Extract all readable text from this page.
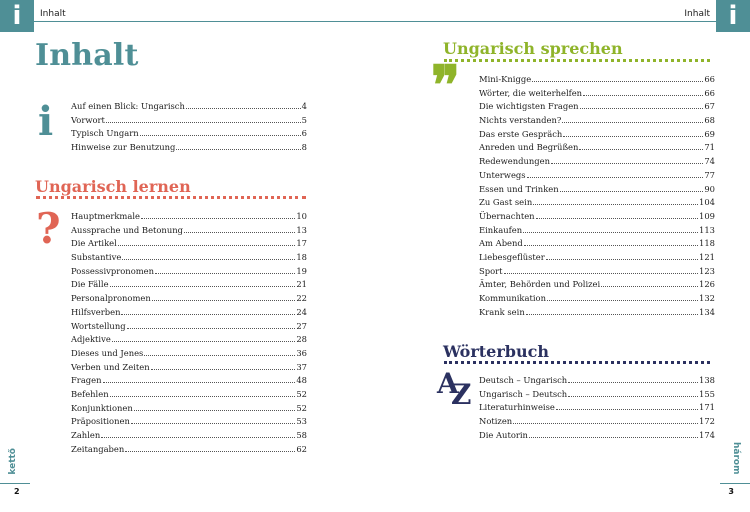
i	Inhalt
Inhalt
i Auf einen Blick: Ungarisch	4
Vorwort	5
Typisch Ungarn	6
Hinweise zur Benutzung	8
Ungarisch lernen
? Hauptmerkmale	10
Aussprache und Betonung	13
Die Artikel	17
Substantive	18
Possessivpronomen	19
Die Fälle	21
Personalpronomen	22
Hilfsverben	24
Wortstellung	27
Adjektive	28
Dieses und Jenes	36
Verben und Zeiten	37
Fragen	48
Befehlen	52
Konjunktionen	52
Präpositionen	53
Zahlen	58
Zeitangaben	62
kettő
2
i
Inhalt
Ungarisch sprechen
❞ Mini-Knigge	66
Wörter, die weiterhelfen	66
Die wichtigsten Fragen	67
Nichts verstanden?	68
Das erste Gespräch	69
Anreden und Begrüßen	71
Redewendungen	74
Unterwegs	77
Essen und Trinken	90
Zu Gast sein	104
Übernachten	109
Einkaufen	113
Am Abend	118
Liebesgeflüster	121
Sport	123
Ämter, Behörden und Polizei	126
Kommunikation	132
Krank sein	134
Wörterbuch
A
Z Deutsch – Ungarisch	138
Ungarisch – Deutsch	155
Literaturhinweise	171
Notizen	172
Die Autorin	174
három
3
